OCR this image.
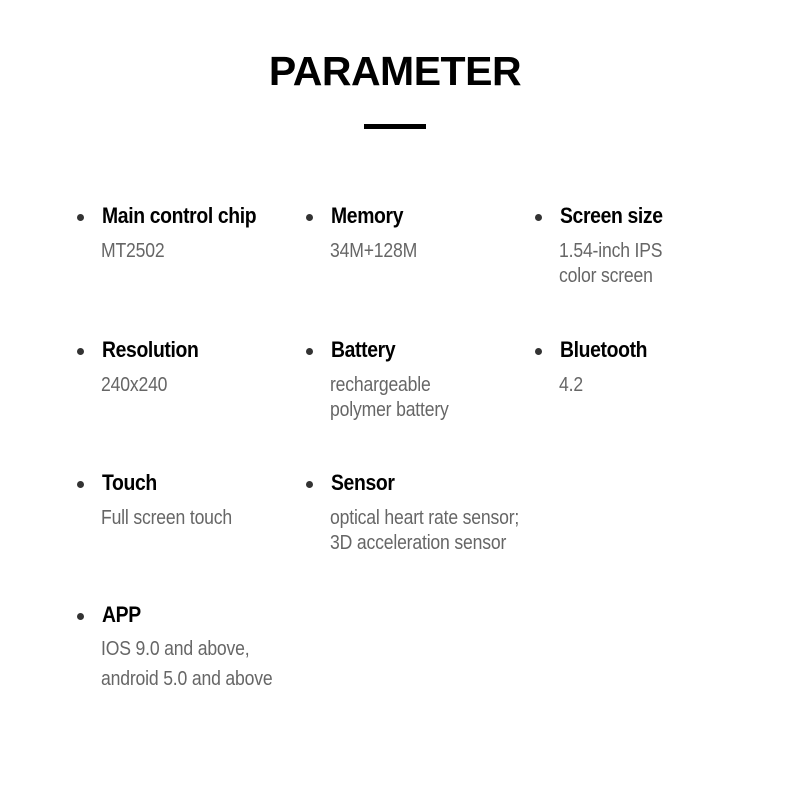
PARAMETER
Main control chip
MT2502
Memory
34M+128M
Screen size
1.54-inch IPS
color screen
Resolution
240x240
Battery
rechargeable
polymer battery
Bluetooth
4.2
Touch
Full screen touch
Sensor
optical heart rate sensor;
3D acceleration sensor
APP
IOS 9.0 and above,
android 5.0 and above
